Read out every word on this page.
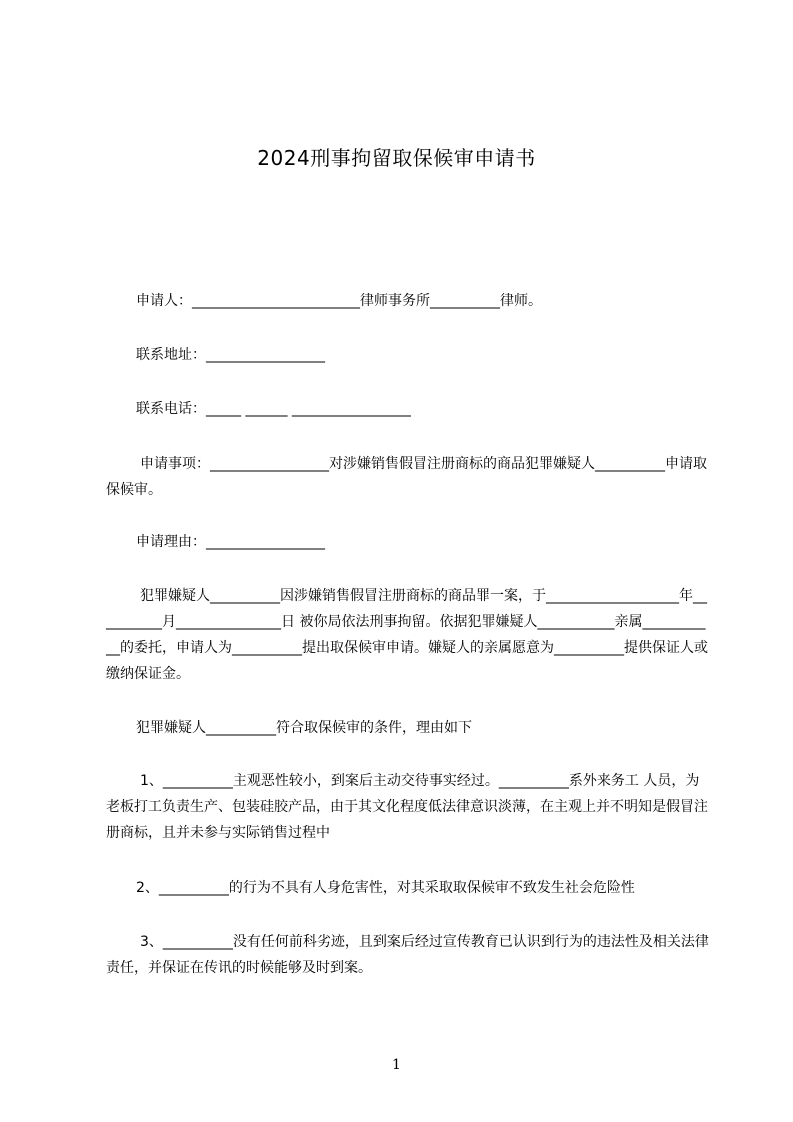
2024刑事拘留取保候审申请书

申请人：________________________律师事务所__________律师。

联系地址：_________________

联系电话：_____ ______ _________________

申请事项：_________________对涉嫌销售假冒注册商标的商品犯罪嫌疑人__________申请取保候审。

申请理由：_________________

犯罪嫌疑人__________因涉嫌销售假冒注册商标的商品罪一案，于___________________年__________月_______________日 被你局依法刑事拘留。依据犯罪嫌疑人___________亲属___________的委托，申请人为__________提出取保候审申请。嫌疑人的亲属愿意为__________提供保证人或缴纳保证金。

犯罪嫌疑人__________符合取保候审的条件，理由如下

1、__________主观恶性较小，到案后主动交待事实经过。__________系外来务工 人员，为老板打工负责生产、包装硅胶产品，由于其文化程度低法律意识淡薄，在主观上并不明知是假冒注册商标，且并未参与实际销售过程中

2、__________的行为不具有人身危害性，对其采取取保候审不致发生社会危险性

3、__________没有任何前科劣迹，且到案后经过宣传教育已认识到行为的违法性及相关法律责任，并保证在传讯的时候能够及时到案。

1
